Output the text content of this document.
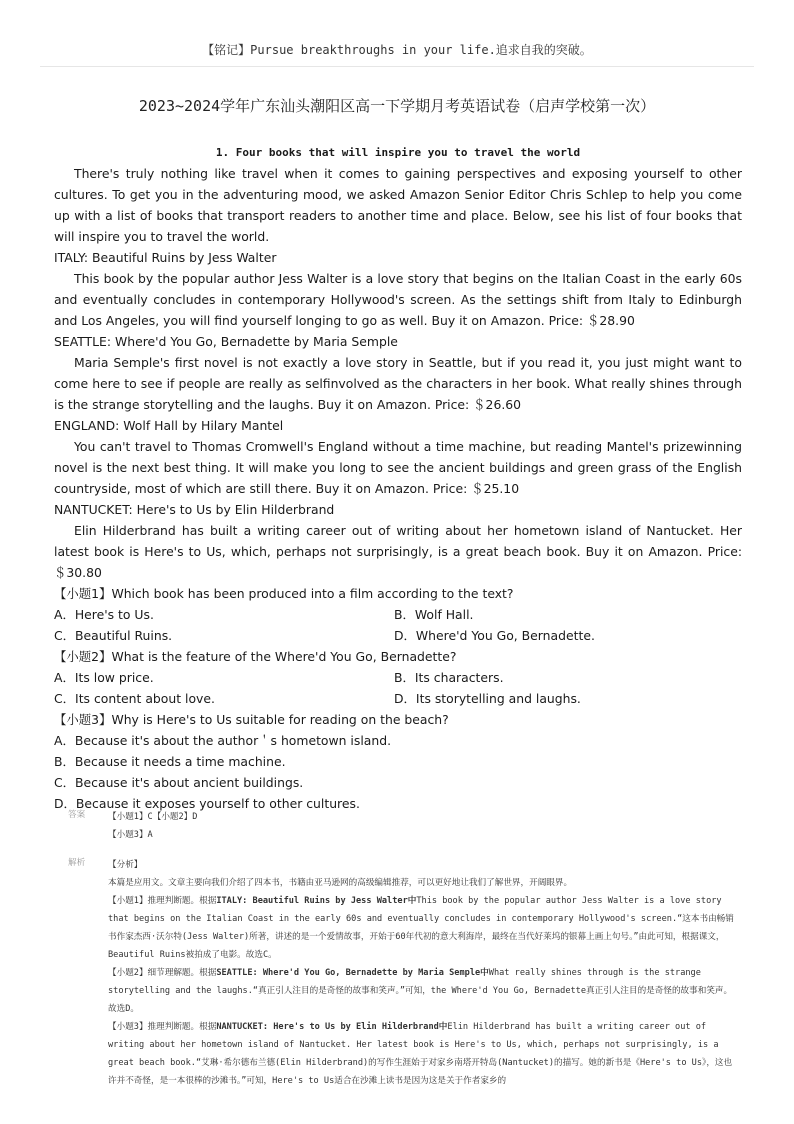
【铭记】Pursue breakthroughs in your life.追求自我的突破。
2023~2024学年广东汕头潮阳区高一下学期月考英语试卷（启声学校第一次）
1. Four books that will inspire you to travel the world

There's truly nothing like travel when it comes to gaining perspectives and exposing yourself to other cultures. To get you in the adventuring mood, we asked Amazon Senior Editor Chris Schlep to help you come up with a list of books that transport readers to another time and place. Below, see his list of four books that will inspire you to travel the world.

ITALY: Beautiful Ruins by Jess Walter

This book by the popular author Jess Walter is a love story that begins on the Italian Coast in the early 60s and eventually concludes in contemporary Hollywood's screen. As the settings shift from Italy to Edinburgh and Los Angeles, you will find yourself longing to go as well. Buy it on Amazon. Price: ＄28.90

SEATTLE: Where'd You Go, Bernadette by Maria Semple

Maria Semple's first novel is not exactly a love story in Seattle, but if you read it, you just might want to come here to see if people are really as selfinvolved as the characters in her book. What really shines through is the strange storytelling and the laughs. Buy it on Amazon. Price: ＄26.60

ENGLAND: Wolf Hall by Hilary Mantel

You can't travel to Thomas Cromwell's England without a time machine, but reading Mantel's prizewinning novel is the next best thing. It will make you long to see the ancient buildings and green grass of the English countryside, most of which are still there. Buy it on Amazon. Price: ＄25.10

NANTUCKET: Here's to Us by Elin Hilderbrand

Elin Hilderbrand has built a writing career out of writing about her hometown island of Nantucket. Her latest book is Here's to Us, which, perhaps not surprisingly, is a great beach book. Buy it on Amazon. Price: ＄30.80

【小题1】Which book has been produced into a film according to the text?

A．Here's to Us.	B．Wolf Hall.
C．Beautiful Ruins.	D．Where'd You Go, Bernadette.

【小题2】What is the feature of the Where'd You Go, Bernadette?

A．Its low price.	B．Its characters.
C．Its content about love.	D．Its storytelling and laughs.

【小题3】Why is Here's to Us suitable for reading on the beach?

A．Because it's about the author＇s hometown island.

B．Because it needs a time machine.

C．Because it's about ancient buildings.

D．Because it exposes yourself to other cultures.

答案	【小题1】C【小题2】D
【小题3】A
解析	【分析】
本篇是应用文。文章主要向我们介绍了四本书，书籍由亚马逊网的高级编辑推荐，可以更好地让我们了解世界，开阔眼界。
【小题1】推理判断题。根据ITALY: Beautiful Ruins by Jess Walter中This book by the popular author Jess Walter is a love story that begins on the Italian Coast in the early 60s and eventually concludes in contemporary Hollywood's screen.“这本书由畅销书作家杰西·沃尔特(Jess Walter)所著，讲述的是一个爱情故事，开始于60年代初的意大利海岸，最终在当代好莱坞的银幕上画上句号。”由此可知，根据课文，Beautiful Ruins被拍成了电影。故选C。
【小题2】细节理解题。根据SEATTLE: Where'd You Go, Bernadette by Maria Semple中What really shines through is the strange storytelling and the laughs.“真正引人注目的是奇怪的故事和笑声。”可知，the Where'd You Go, Bernadette真正引人注目的是奇怪的故事和笑声。故选D。
【小题3】推理判断题。根据NANTUCKET: Here's to Us by Elin Hilderbrand中Elin Hilderbrand has built a writing career out of writing about her hometown island of Nantucket. Her latest book is Here's to Us, which, perhaps not surprisingly, is a great beach book.“艾琳·希尔德布兰德(Elin Hilderbrand)的写作生涯始于对家乡南塔开特岛(Nantucket)的描写。她的新书是《Here's to Us》，这也许并不奇怪，是一本很棒的沙滩书。”可知，Here's to Us适合在沙滩上读书是因为这是关于作者家乡的
